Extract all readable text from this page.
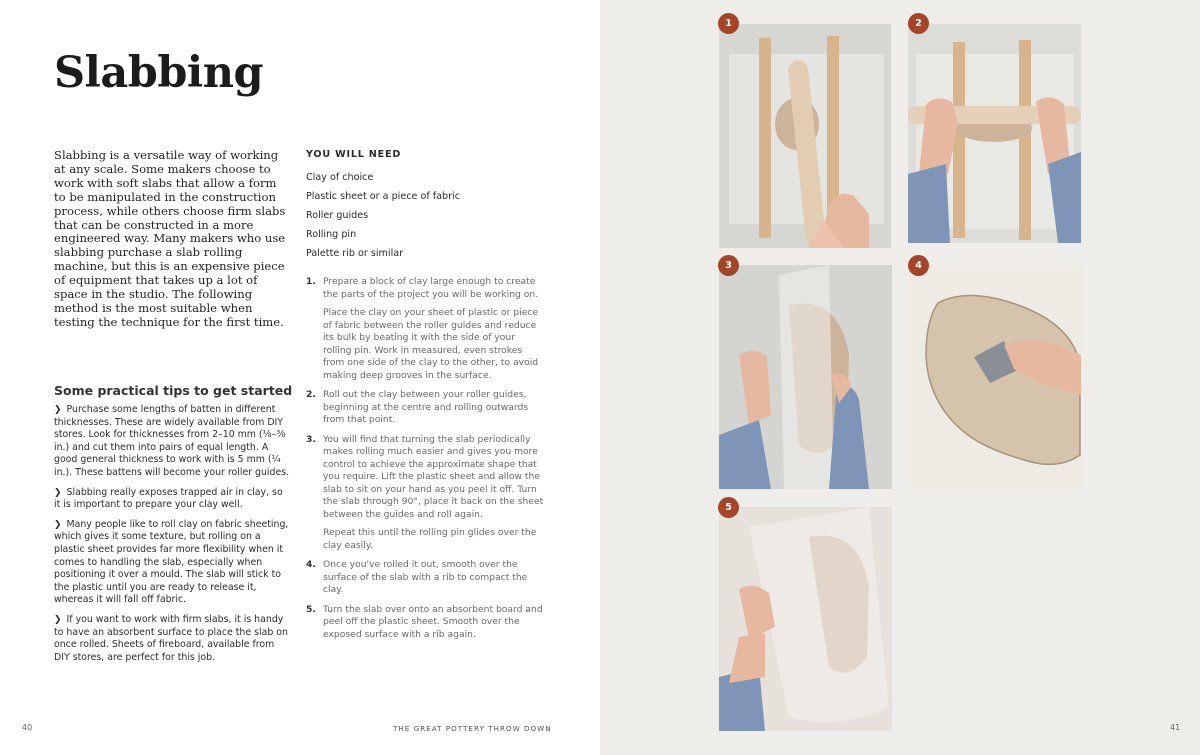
Slabbing

Slabbing is a versatile way of working at any scale. Some makers choose to work with soft slabs that allow a form to be manipulated in the construction process, while others choose firm slabs that can be constructed in a more engineered way. Many makers who use slabbing purchase a slab rolling machine, but this is an expensive piece of equipment that takes up a lot of space in the studio. The following method is the most suitable when testing the technique for the first time.

Some practical tips to get started

❯ Purchase some lengths of batten in different thicknesses. These are widely available from DIY stores. Look for thicknesses from 2–10 mm (⅛–⅜ in.) and cut them into pairs of equal length. A good general thickness to work with is 5 mm (¼ in.). These battens will become your roller guides.

❯ Slabbing really exposes trapped air in clay, so it is important to prepare your clay well.

❯ Many people like to roll clay on fabric sheeting, which gives it some texture, but rolling on a plastic sheet provides far more flexibility when it comes to handling the slab, especially when positioning it over a mould. The slab will stick to the plastic until you are ready to release it, whereas it will fall off fabric.

❯ If you want to work with firm slabs, it is handy to have an absorbent surface to place the slab on once rolled. Sheets of fireboard, available from DIY stores, are perfect for this job.

YOU WILL NEED
Clay of choice
Plastic sheet or a piece of fabric
Roller guides
Rolling pin
Palette rib or similar
1. Prepare a block of clay large enough to create the parts of the project you will be working on.

Place the clay on your sheet of plastic or piece of fabric between the roller guides and reduce its bulk by beating it with the side of your rolling pin. Work in measured, even strokes from one side of the clay to the other, to avoid making deep grooves in the surface.

2. Roll out the clay between your roller guides, beginning at the centre and rolling outwards from that point.

3. You will find that turning the slab periodically makes rolling much easier and gives you more control to achieve the approximate shape that you require. Lift the plastic sheet and allow the slab to sit on your hand as you peel it off. Turn the slab through 90°, place it back on the sheet between the guides and roll again.

Repeat this until the rolling pin glides over the clay easily.

4. Once you've rolled it out, smooth over the surface of the slab with a rib to compact the clay.

5. Turn the slab over onto an absorbent board and peel off the plastic sheet. Smooth over the exposed surface with a rib again.

40	THE GREAT POTTERY THROW DOWN	41
1	2
3	4
5
